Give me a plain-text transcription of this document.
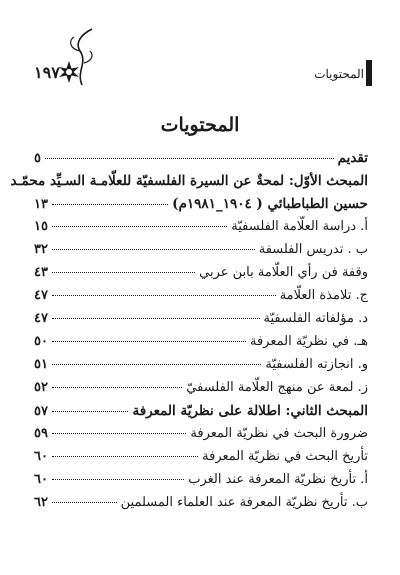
١٩٧	المحتويات
المحتويات
تقديم
٥
المبحث الأوّل: لمحةٌ عن السيرة الفلسفيّة للعلّامـة السـيِّد محمّـد
حسين الطباطبائي ( ١٩٠٤_١٩٨١م)
١٣
أ. دراسة العلّامة الفلسفيّة
١٥
ب . تدريس الفلسفة
٣٢
وقفة فن رأي العلّامة بابن عربي
٤٣
ج. تلامذة العلّامة
٤٧
د. مؤلفاته الفلسفيّة
٤٧
هـ. في نظريّة المعرفة
٥٠
و. انجازته الفلسفيّة
٥١
ز. لمعة عن منهج العلّامة الفلسفيّ
٥٢
المبحث الثاني: اطلالة على نظريّة المعرفة
٥٧
ضرورة البحث في نظريّة المعرفة
٥٩
تأريخ البحث في نظريّة المعرفة
٦٠
أ. تأريخ نظريّة المعرفة عند الغرب
٦٠
ب. تأريخ نظريّة المعرفة عند العلماء المسلمين
٦٢
